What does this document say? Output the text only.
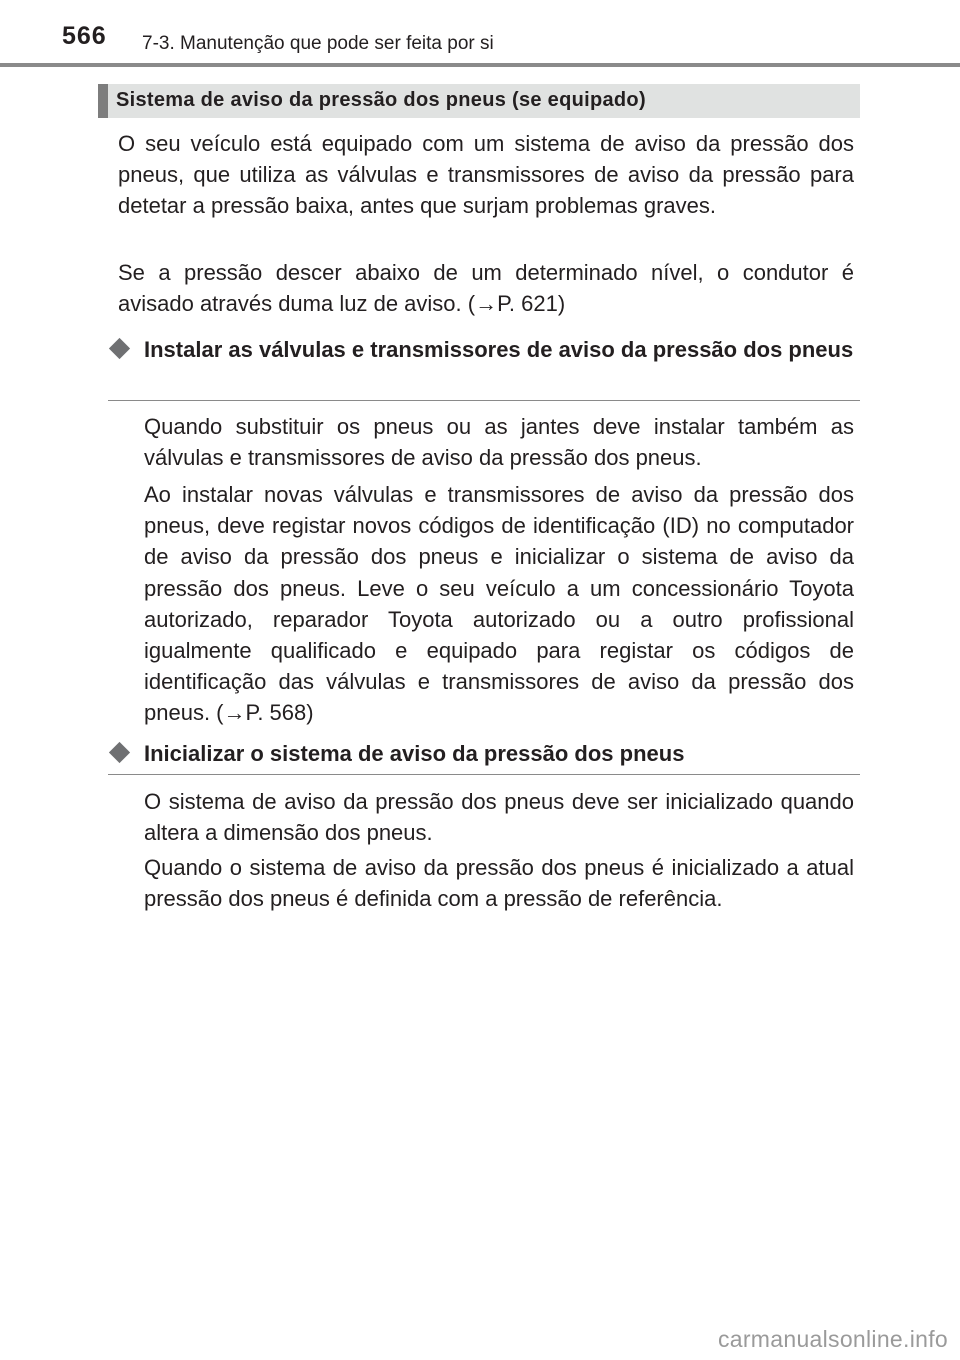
566 7-3. Manutenção que pode ser feita por si
Sistema de aviso da pressão dos pneus (se equipado)

O seu veículo está equipado com um sistema de aviso da pressão dos pneus, que utiliza as válvulas e transmissores de aviso da pressão para detetar a pressão baixa, antes que surjam problemas graves.

Se a pressão descer abaixo de um determinado nível, o condutor é avisado através duma luz de aviso. (→P. 621)

Instalar as válvulas e transmissores de aviso da pressão dos pneus

Quando substituir os pneus ou as jantes deve instalar também as válvulas e transmissores de aviso da pressão dos pneus.

Ao instalar novas válvulas e transmissores de aviso da pressão dos pneus, deve registar novos códigos de identificação (ID) no computador de aviso da pressão dos pneus e inicializar o sistema de aviso da pressão dos pneus. Leve o seu veículo a um concessionário Toyota autorizado, reparador Toyota autorizado ou a outro profissional igualmente qualificado e equipado para registar os códigos de identificação das válvulas e transmissores de aviso da pressão dos pneus. (→P. 568)

Inicializar o sistema de aviso da pressão dos pneus

O sistema de aviso da pressão dos pneus deve ser inicializado quando altera a dimensão dos pneus.

Quando o sistema de aviso da pressão dos pneus é inicializado a atual pressão dos pneus é definida com a pressão de referência.

carmanualsonline.info
